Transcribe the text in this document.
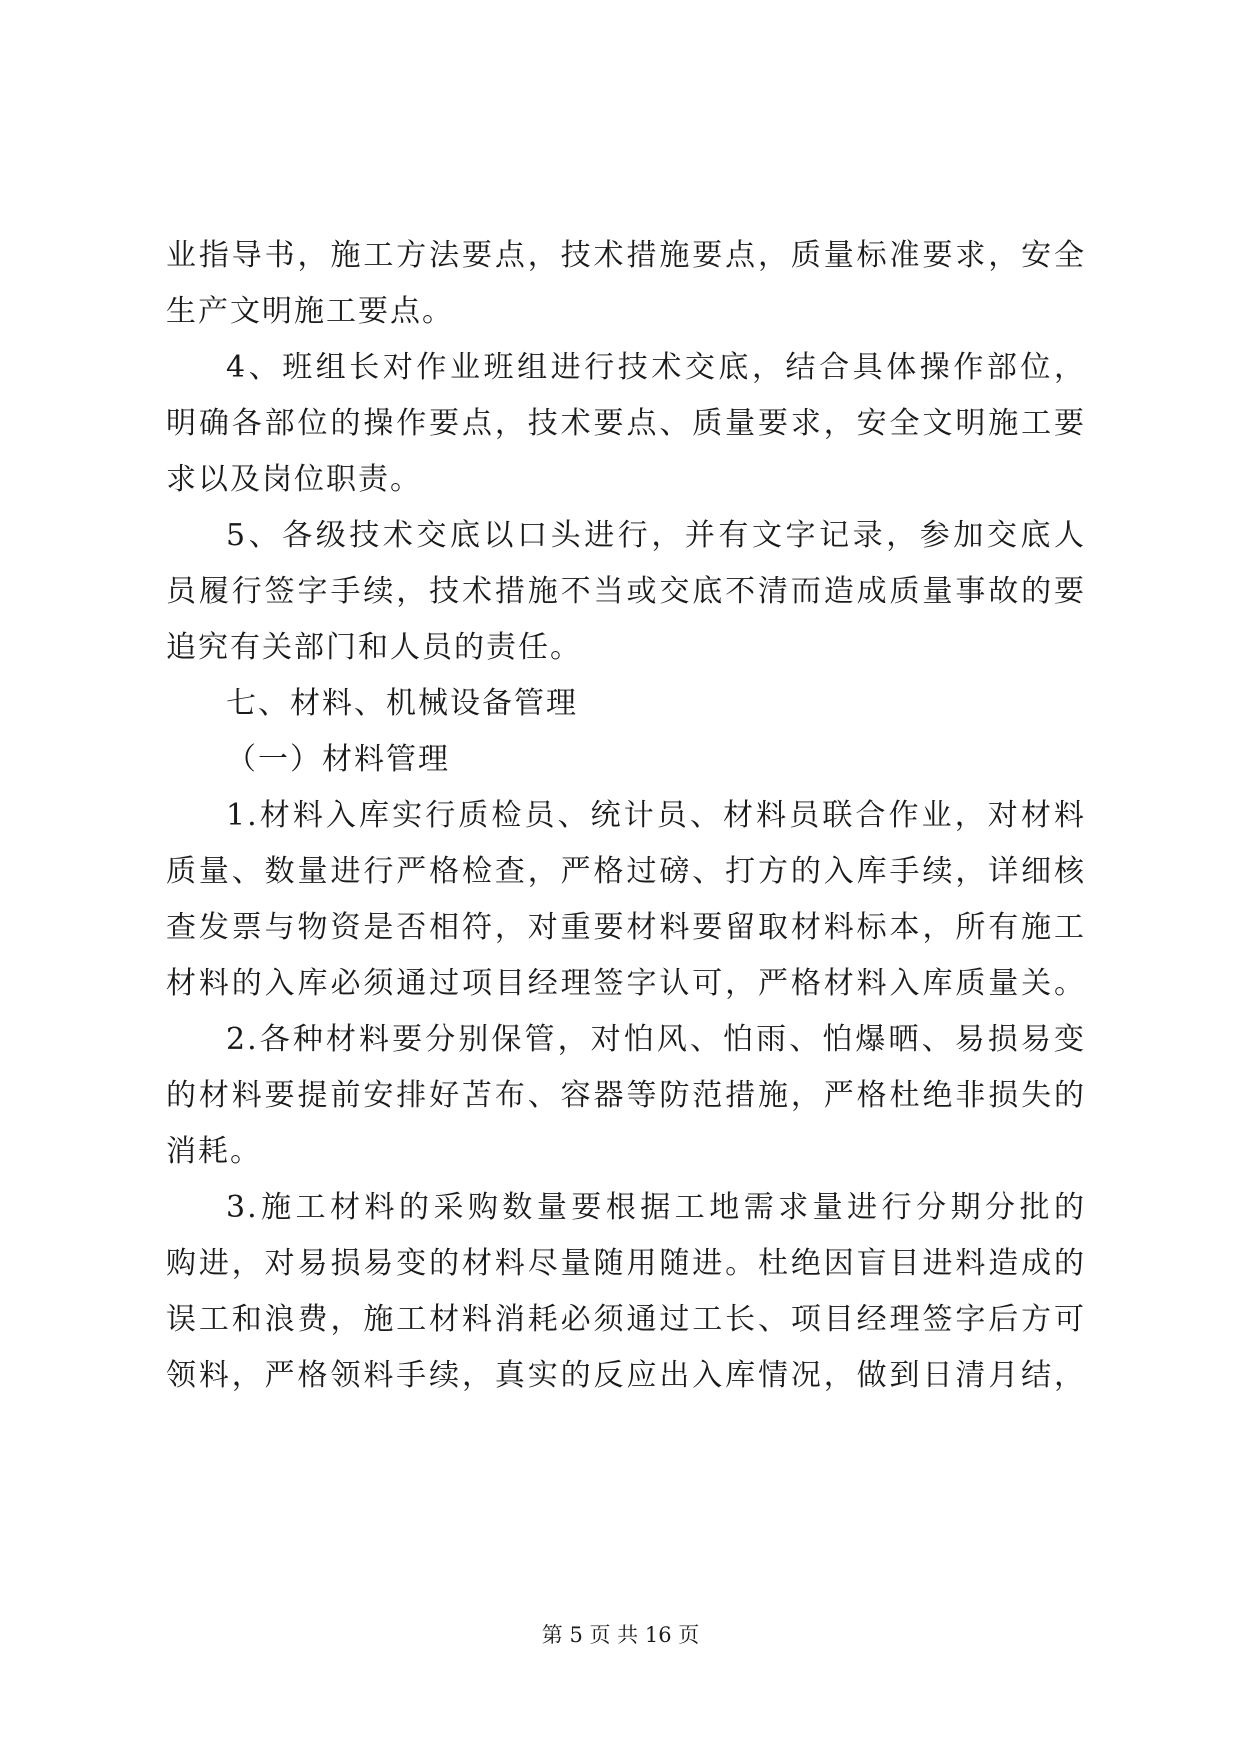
业指导书，施工方法要点，技术措施要点，质量标准要求，安全
生产文明施工要点。
4、班组长对作业班组进行技术交底，结合具体操作部位，
明确各部位的操作要点，技术要点、质量要求，安全文明施工要
求以及岗位职责。
5、各级技术交底以口头进行，并有文字记录，参加交底人
员履行签字手续，技术措施不当或交底不清而造成质量事故的要
追究有关部门和人员的责任。
七、材料、机械设备管理
（一）材料管理
1.材料入库实行质检员、统计员、材料员联合作业，对材料
质量、数量进行严格检查，严格过磅、打方的入库手续，详细核
查发票与物资是否相符，对重要材料要留取材料标本，所有施工
材料的入库必须通过项目经理签字认可，严格材料入库质量关。
2.各种材料要分别保管，对怕风、怕雨、怕爆晒、易损易变
的材料要提前安排好苫布、容器等防范措施，严格杜绝非损失的
消耗。
3.施工材料的采购数量要根据工地需求量进行分期分批的
购进，对易损易变的材料尽量随用随进。杜绝因盲目进料造成的
误工和浪费，施工材料消耗必须通过工长、项目经理签字后方可
领料，严格领料手续，真实的反应出入库情况，做到日清月结，
第 5 页 共 16 页
